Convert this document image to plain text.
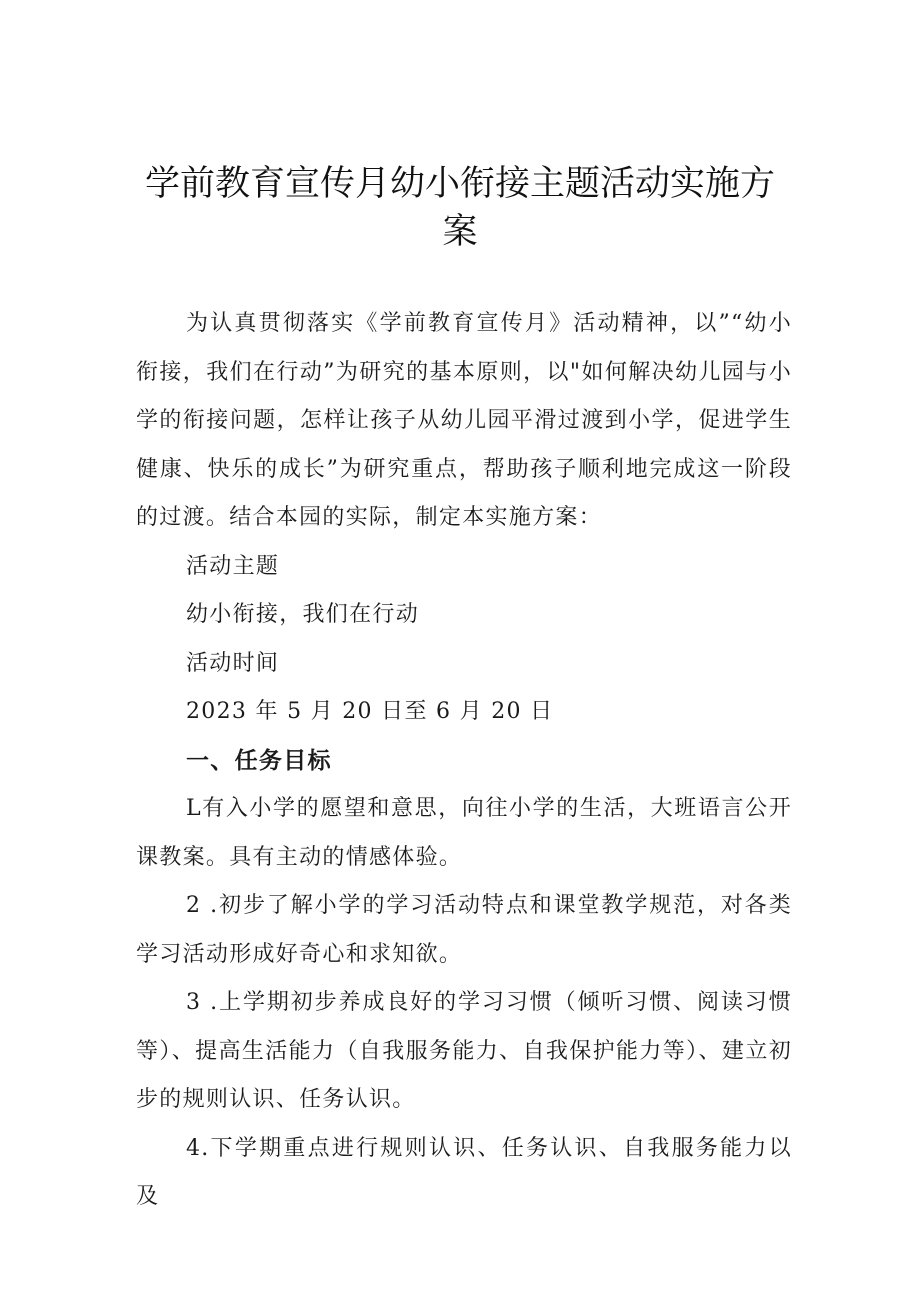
学前教育宣传月幼小衔接主题活动实施方案

为认真贯彻落实《学前教育宣传月》活动精神，以”“幼小衔接，我们在行动”为研究的基本原则，以"如何解决幼儿园与小学的衔接问题，怎样让孩子从幼儿园平滑过渡到小学，促进学生健康、快乐的成长”为研究重点，帮助孩子顺利地完成这一阶段的过渡。结合本园的实际，制定本实施方案：

活动主题

幼小衔接，我们在行动

活动时间

2023 年 5 月 20 日至 6 月 20 日

一、任务目标

L有入小学的愿望和意思，向往小学的生活，大班语言公开课教案。具有主动的情感体验。

2 .初步了解小学的学习活动特点和课堂教学规范，对各类学习活动形成好奇心和求知欲。

3 .上学期初步养成良好的学习习惯（倾听习惯、阅读习惯等）、提高生活能力（自我服务能力、自我保护能力等）、建立初步的规则认识、任务认识。

4.下学期重点进行规则认识、任务认识、自我服务能力以及
